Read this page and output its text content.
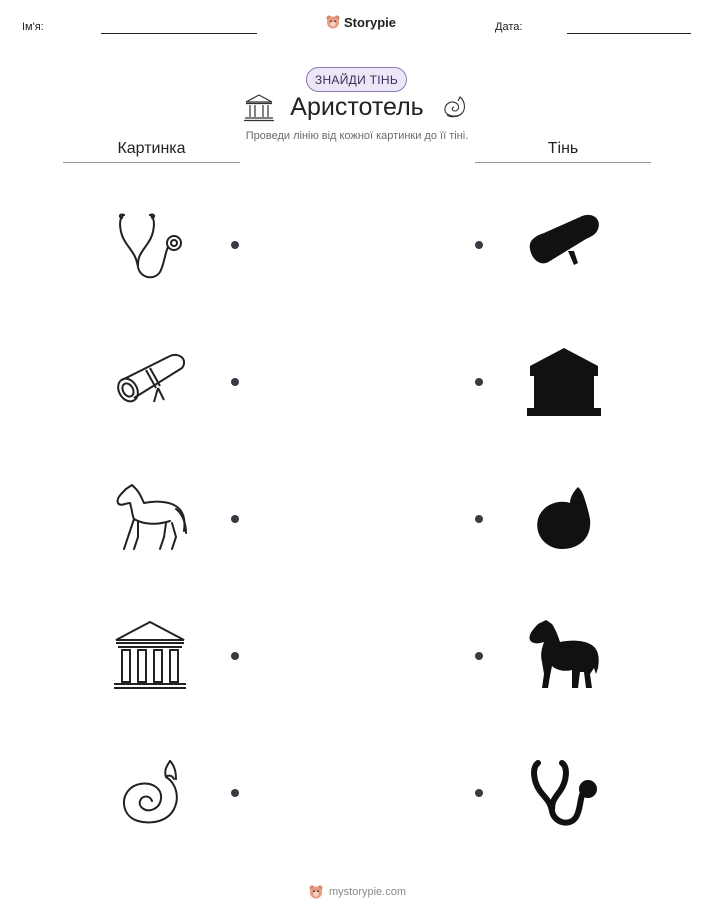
Ім'я:	Storypie	Дата:
ЗНАЙДИ ТІНЬ
Аристотель
Проведи лінію від кожної картинки до її тіні.
Картинка	Тінь
mystorypie.com
